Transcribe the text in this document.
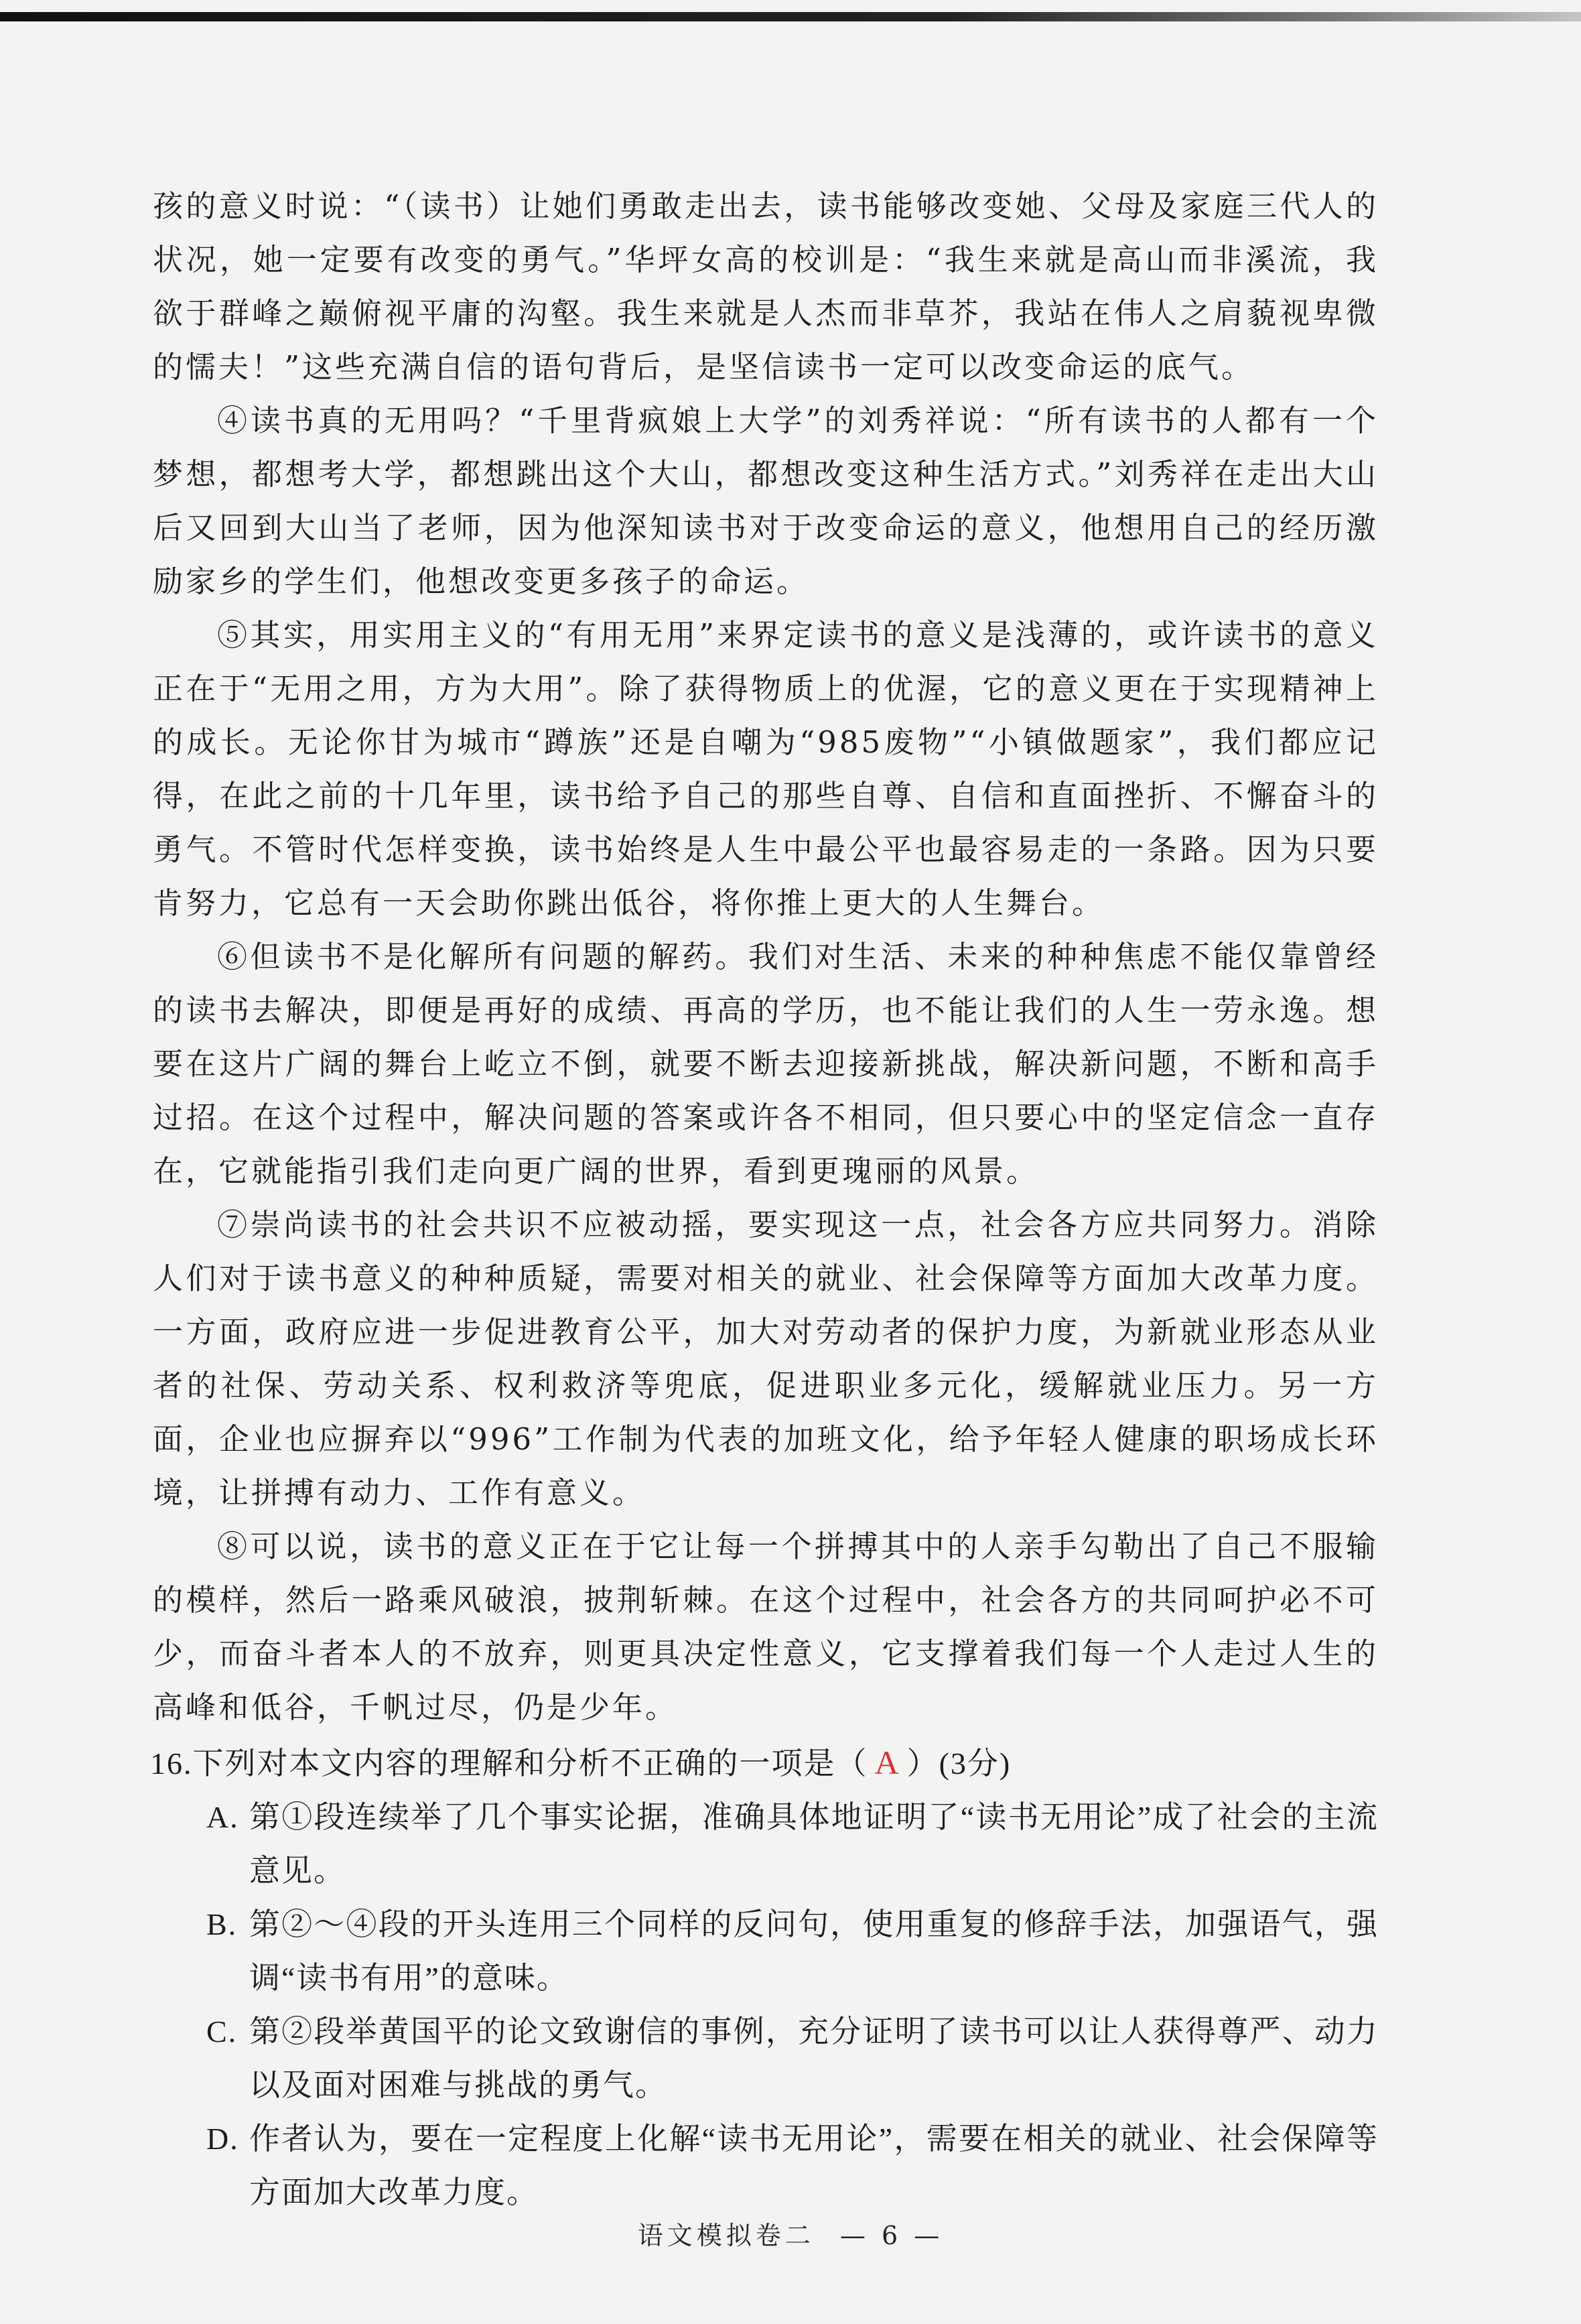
孩的意义时说：“（读书）让她们勇敢走出去，读书能够改变她、父母及家庭三代人的状况，她一定要有改变的勇气。”华坪女高的校训是：“我生来就是高山而非溪流，我欲于群峰之巅俯视平庸的沟壑。我生来就是人杰而非草芥，我站在伟人之肩藐视卑微的懦夫！”这些充满自信的语句背后，是坚信读书一定可以改变命运的底气。

④读书真的无用吗？“千里背疯娘上大学”的刘秀祥说：“所有读书的人都有一个梦想，都想考大学，都想跳出这个大山，都想改变这种生活方式。”刘秀祥在走出大山后又回到大山当了老师，因为他深知读书对于改变命运的意义，他想用自己的经历激励家乡的学生们，他想改变更多孩子的命运。

⑤其实，用实用主义的“有用无用”来界定读书的意义是浅薄的，或许读书的意义正在于“无用之用，方为大用”。除了获得物质上的优渥，它的意义更在于实现精神上的成长。无论你甘为城市“蹲族”还是自嘲为“985废物”“小镇做题家”，我们都应记得，在此之前的十几年里，读书给予自己的那些自尊、自信和直面挫折、不懈奋斗的勇气。不管时代怎样变换，读书始终是人生中最公平也最容易走的一条路。因为只要肯努力，它总有一天会助你跳出低谷，将你推上更大的人生舞台。

⑥但读书不是化解所有问题的解药。我们对生活、未来的种种焦虑不能仅靠曾经的读书去解决，即便是再好的成绩、再高的学历，也不能让我们的人生一劳永逸。想要在这片广阔的舞台上屹立不倒，就要不断去迎接新挑战，解决新问题，不断和高手过招。在这个过程中，解决问题的答案或许各不相同，但只要心中的坚定信念一直存在，它就能指引我们走向更广阔的世界，看到更瑰丽的风景。

⑦崇尚读书的社会共识不应被动摇，要实现这一点，社会各方应共同努力。消除人们对于读书意义的种种质疑，需要对相关的就业、社会保障等方面加大改革力度。一方面，政府应进一步促进教育公平，加大对劳动者的保护力度，为新就业形态从业者的社保、劳动关系、权利救济等兜底，促进职业多元化，缓解就业压力。另一方面，企业也应摒弃以“996”工作制为代表的加班文化，给予年轻人健康的职场成长环境，让拼搏有动力、工作有意义。

⑧可以说，读书的意义正在于它让每一个拼搏其中的人亲手勾勒出了自己不服输的模样，然后一路乘风破浪，披荆斩棘。在这个过程中，社会各方的共同呵护必不可少，而奋斗者本人的不放弃，则更具决定性意义，它支撑着我们每一个人走过人生的高峰和低谷，千帆过尽，仍是少年。

16.下列对本文内容的理解和分析不正确的一项是（ A ）(3分)
A. 第①段连续举了几个事实论据，准确具体地证明了“读书无用论”成了社会的主流意见。
B. 第②～④段的开头连用三个同样的反问句，使用重复的修辞手法，加强语气，强调“读书有用”的意味。
C. 第②段举黄国平的论文致谢信的事例，充分证明了读书可以让人获得尊严、动力以及面对困难与挑战的勇气。
D. 作者认为，要在一定程度上化解“读书无用论”，需要在相关的就业、社会保障等方面加大改革力度。
语文模拟卷二 — 6 —
